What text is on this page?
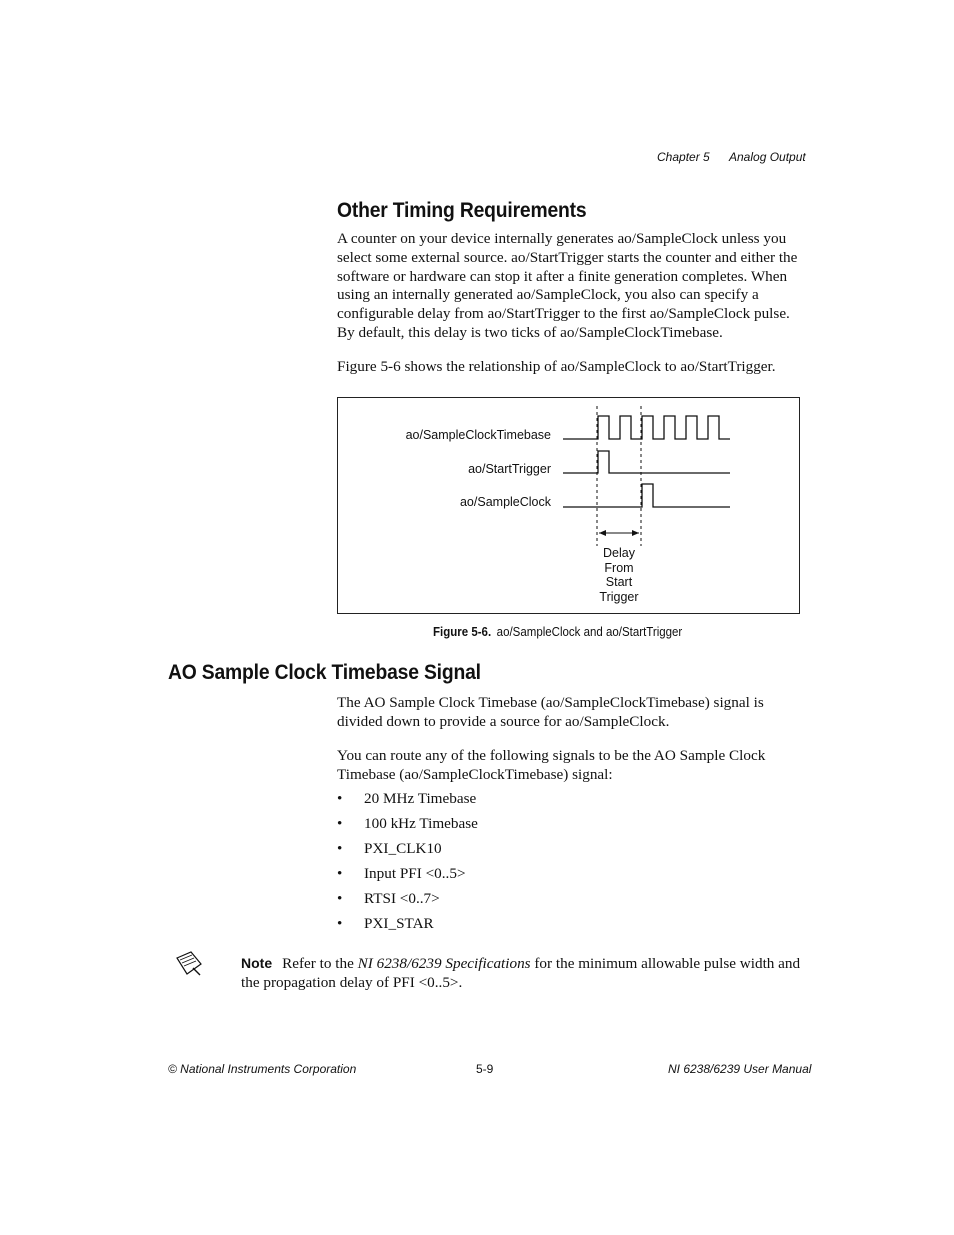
Chapter 5 Analog Output
Other Timing Requirements
A counter on your device internally generates ao/SampleClock unless you select some external source. ao/StartTrigger starts the counter and either the software or hardware can stop it after a finite generation completes. When using an internally generated ao/SampleClock, you also can specify a configurable delay from ao/StartTrigger to the first ao/SampleClock pulse. By default, this delay is two ticks of ao/SampleClockTimebase.
Figure 5-6 shows the relationship of ao/SampleClock to ao/StartTrigger.
ao/SampleClockTimebase
ao/StartTrigger
ao/SampleClock
Delay
From
Start
Trigger
Figure 5-6. ao/SampleClock and ao/StartTrigger
AO Sample Clock Timebase Signal
The AO Sample Clock Timebase (ao/SampleClockTimebase) signal is divided down to provide a source for ao/SampleClock.
You can route any of the following signals to be the AO Sample Clock Timebase (ao/SampleClockTimebase) signal:
• 20 MHz Timebase
• 100 kHz Timebase
• PXI_CLK10
• Input PFI <0..5>
• RTSI <0..7>
• PXI_STAR
Note Refer to the NI 6238/6239 Specifications for the minimum allowable pulse width and the propagation delay of PFI <0..5>.
© National Instruments Corporation	5-9	NI 6238/6239 User Manual
